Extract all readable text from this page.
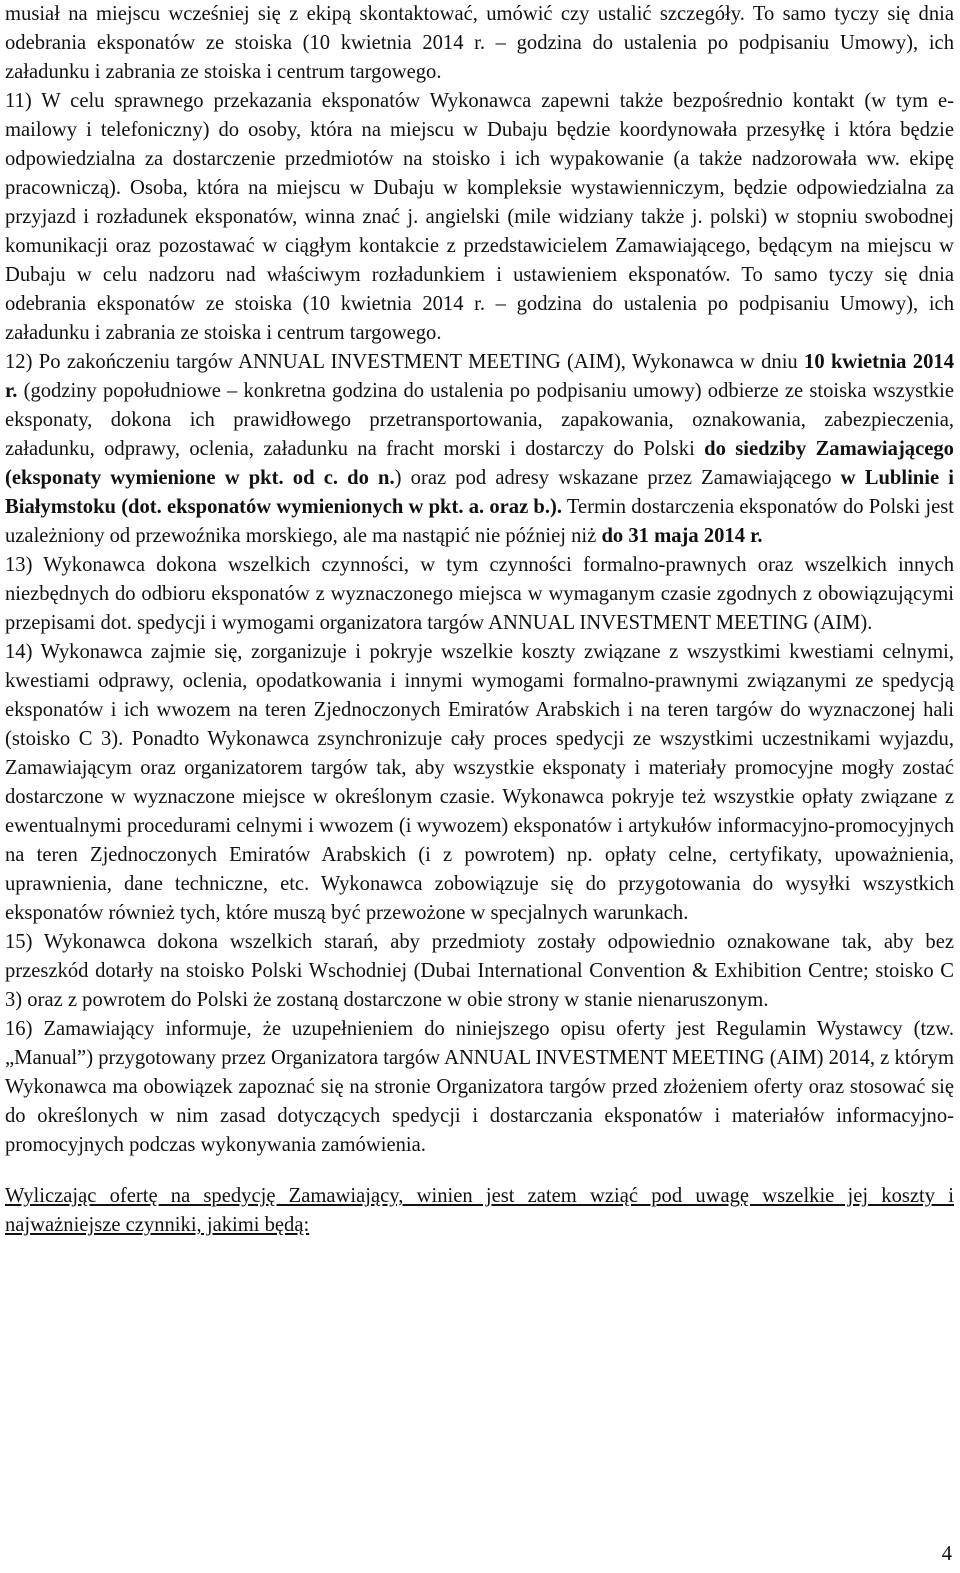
musiał na miejscu wcześniej się z ekipą skontaktować, umówić czy ustalić szczegóły. To samo tyczy się dnia odebrania eksponatów ze stoiska (10 kwietnia 2014 r. – godzina do ustalenia po podpisaniu Umowy), ich załadunku i zabrania ze stoiska i centrum targowego.

11) W celu sprawnego przekazania eksponatów Wykonawca zapewni także bezpośrednio kontakt (w tym e-mailowy i telefoniczny) do osoby, która na miejscu w Dubaju będzie koordynowała przesyłkę i która będzie odpowiedzialna za dostarczenie przedmiotów na stoisko i ich wypakowanie (a także nadzorowała ww. ekipę pracowniczą). Osoba, która na miejscu w Dubaju w kompleksie wystawienniczym, będzie odpowiedzialna za przyjazd i rozładunek eksponatów, winna znać j. angielski (mile widziany także j. polski) w stopniu swobodnej komunikacji oraz pozostawać w ciągłym kontakcie z przedstawicielem Zamawiającego, będącym na miejscu w Dubaju w celu nadzoru nad właściwym rozładunkiem i ustawieniem eksponatów. To samo tyczy się dnia odebrania eksponatów ze stoiska (10 kwietnia 2014 r. – godzina do ustalenia po podpisaniu Umowy), ich załadunku i zabrania ze stoiska i centrum targowego.

12) Po zakończeniu targów ANNUAL INVESTMENT MEETING (AIM), Wykonawca w dniu 10 kwietnia 2014 r. (godziny popołudniowe – konkretna godzina do ustalenia po podpisaniu umowy) odbierze ze stoiska wszystkie eksponaty, dokona ich prawidłowego przetransportowania, zapakowania, oznakowania, zabezpieczenia, załadunku, odprawy, oclenia, załadunku na fracht morski i dostarczy do Polski do siedziby Zamawiającego (eksponaty wymienione w pkt. od c. do n.) oraz pod adresy wskazane przez Zamawiającego w Lublinie i Białymstoku (dot. eksponatów wymienionych w pkt. a. oraz b.). Termin dostarczenia eksponatów do Polski jest uzależniony od przewoźnika morskiego, ale ma nastąpić nie później niż do 31 maja 2014 r.

13) Wykonawca dokona wszelkich czynności, w tym czynności formalno-prawnych oraz wszelkich innych niezbędnych do odbioru eksponatów z wyznaczonego miejsca w wymaganym czasie zgodnych z obowiązującymi przepisami dot. spedycji i wymogami organizatora targów ANNUAL INVESTMENT MEETING (AIM).

14) Wykonawca zajmie się, zorganizuje i pokryje wszelkie koszty związane z wszystkimi kwestiami celnymi, kwestiami odprawy, oclenia, opodatkowania i innymi wymogami formalno-prawnymi związanymi ze spedycją eksponatów i ich wwozem na teren Zjednoczonych Emiratów Arabskich i na teren targów do wyznaczonej hali (stoisko C 3). Ponadto Wykonawca zsynchronizuje cały proces spedycji ze wszystkimi uczestnikami wyjazdu, Zamawiającym oraz organizatorem targów tak, aby wszystkie eksponaty i materiały promocyjne mogły zostać dostarczone w wyznaczone miejsce w określonym czasie. Wykonawca pokryje też wszystkie opłaty związane z ewentualnymi procedurami celnymi i wwozem (i wywozem) eksponatów i artykułów informacyjno-promocyjnych na teren Zjednoczonych Emiratów Arabskich (i z powrotem) np. opłaty celne, certyfikaty, upoważnienia, uprawnienia, dane techniczne, etc. Wykonawca zobowiązuje się do przygotowania do wysyłki wszystkich eksponatów również tych, które muszą być przewożone w specjalnych warunkach.

15) Wykonawca dokona wszelkich starań, aby przedmioty zostały odpowiednio oznakowane tak, aby bez przeszkód dotarły na stoisko Polski Wschodniej (Dubai International Convention & Exhibition Centre; stoisko C 3) oraz z powrotem do Polski że zostaną dostarczone w obie strony w stanie nienaruszonym.

16) Zamawiający informuje, że uzupełnieniem do niniejszego opisu oferty jest Regulamin Wystawcy (tzw. „Manual”) przygotowany przez Organizatora targów ANNUAL INVESTMENT MEETING (AIM) 2014, z którym Wykonawca ma obowiązek zapoznać się na stronie Organizatora targów przed złożeniem oferty oraz stosować się do określonych w nim zasad dotyczących spedycji i dostarczania eksponatów i materiałów informacyjno-promocyjnych podczas wykonywania zamówienia.

Wyliczając ofertę na spedycję Zamawiający, winien jest zatem wziąć pod uwagę wszelkie jej koszty i najważniejsze czynniki, jakimi będą:

4
